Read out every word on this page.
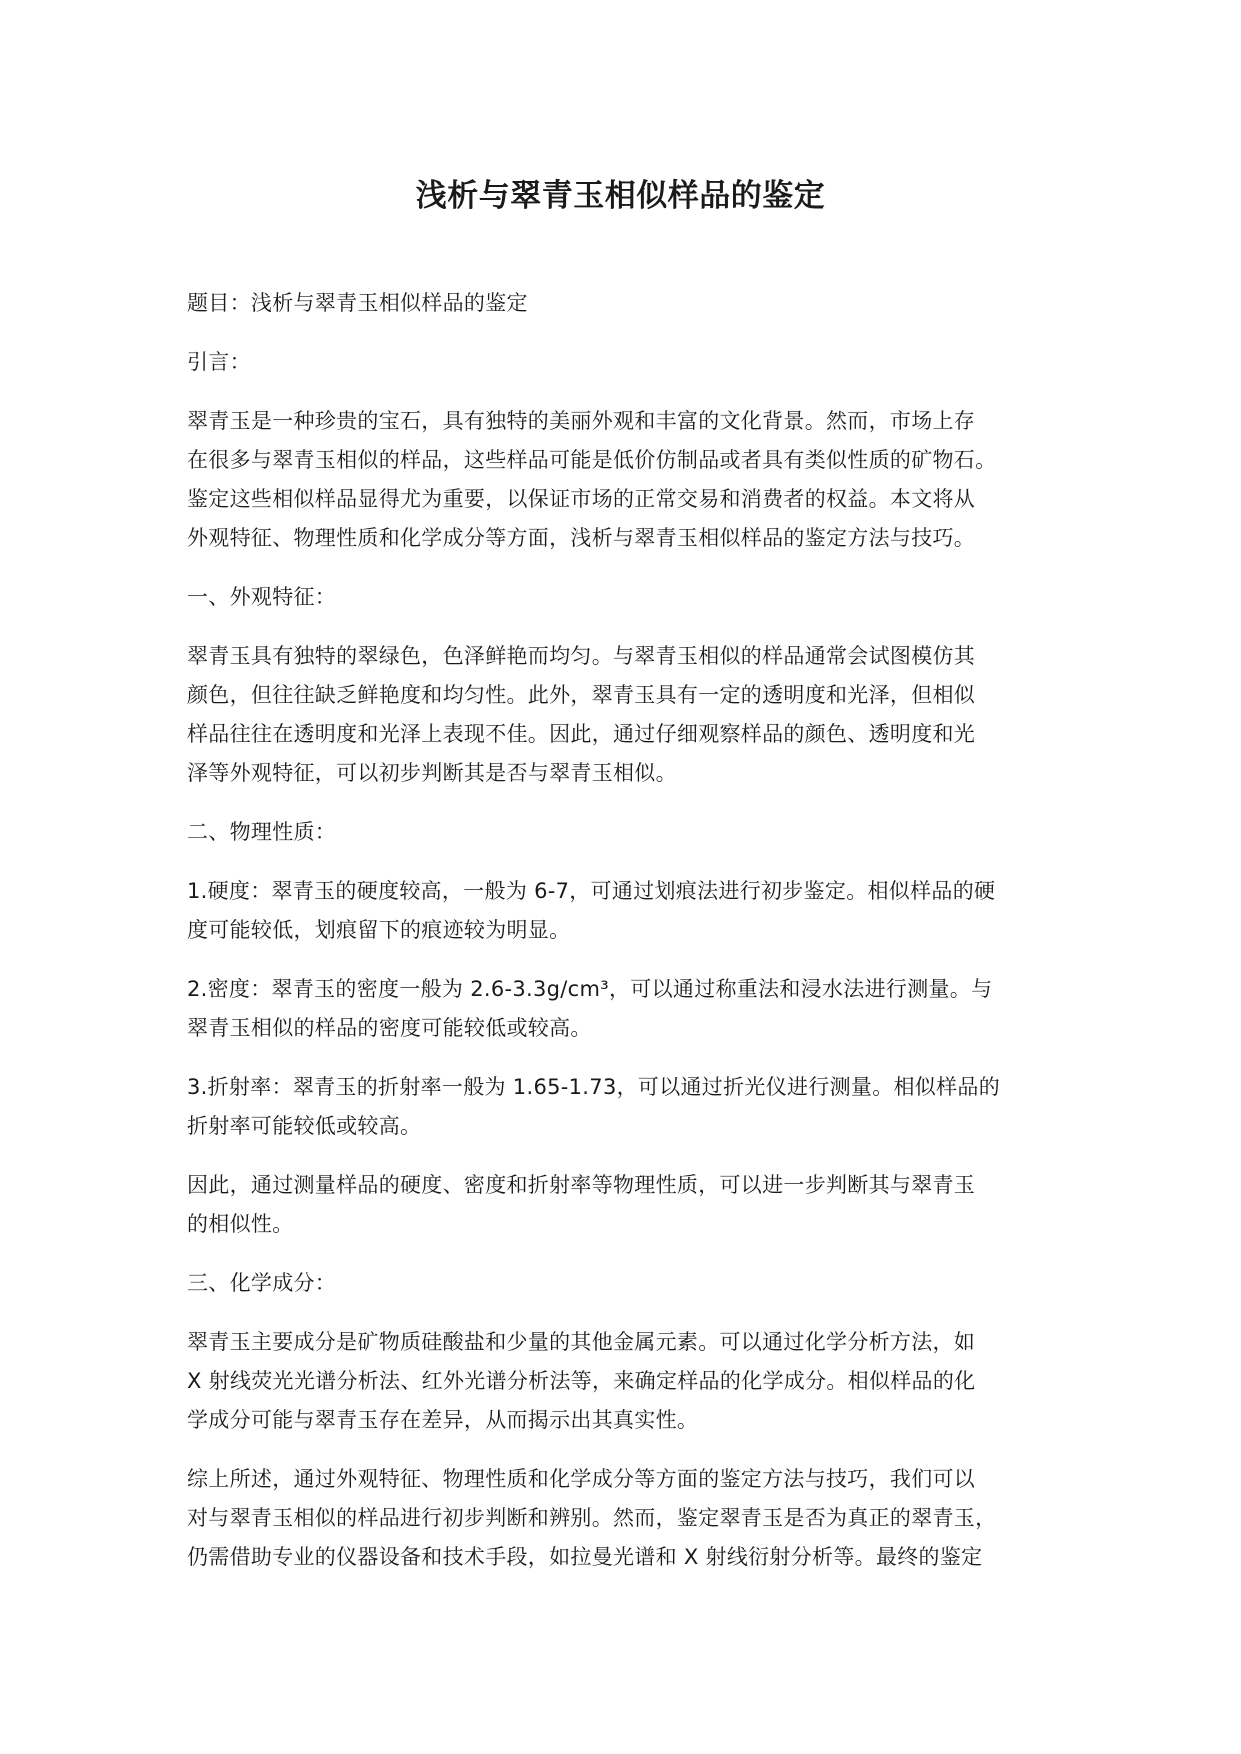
浅析与翠青玉相似样品的鉴定
题目：浅析与翠青玉相似样品的鉴定
引言：
翠青玉是一种珍贵的宝石，具有独特的美丽外观和丰富的文化背景。然而，市场上存
在很多与翠青玉相似的样品，这些样品可能是低价仿制品或者具有类似性质的矿物石。
鉴定这些相似样品显得尤为重要，以保证市场的正常交易和消费者的权益。本文将从
外观特征、物理性质和化学成分等方面，浅析与翠青玉相似样品的鉴定方法与技巧。
一、外观特征：
翠青玉具有独特的翠绿色，色泽鲜艳而均匀。与翠青玉相似的样品通常会试图模仿其
颜色，但往往缺乏鲜艳度和均匀性。此外，翠青玉具有一定的透明度和光泽，但相似
样品往往在透明度和光泽上表现不佳。因此，通过仔细观察样品的颜色、透明度和光
泽等外观特征，可以初步判断其是否与翠青玉相似。
二、物理性质：
1.硬度：翠青玉的硬度较高，一般为 6-7，可通过划痕法进行初步鉴定。相似样品的硬
度可能较低，划痕留下的痕迹较为明显。
2.密度：翠青玉的密度一般为 2.6-3.3g/cm³，可以通过称重法和浸水法进行测量。与
翠青玉相似的样品的密度可能较低或较高。
3.折射率：翠青玉的折射率一般为 1.65-1.73，可以通过折光仪进行测量。相似样品的
折射率可能较低或较高。
因此，通过测量样品的硬度、密度和折射率等物理性质，可以进一步判断其与翠青玉
的相似性。
三、化学成分：
翠青玉主要成分是矿物质硅酸盐和少量的其他金属元素。可以通过化学分析方法，如
X 射线荧光光谱分析法、红外光谱分析法等，来确定样品的化学成分。相似样品的化
学成分可能与翠青玉存在差异，从而揭示出其真实性。
综上所述，通过外观特征、物理性质和化学成分等方面的鉴定方法与技巧，我们可以
对与翠青玉相似的样品进行初步判断和辨别。然而，鉴定翠青玉是否为真正的翠青玉，
仍需借助专业的仪器设备和技术手段，如拉曼光谱和 X 射线衍射分析等。最终的鉴定
